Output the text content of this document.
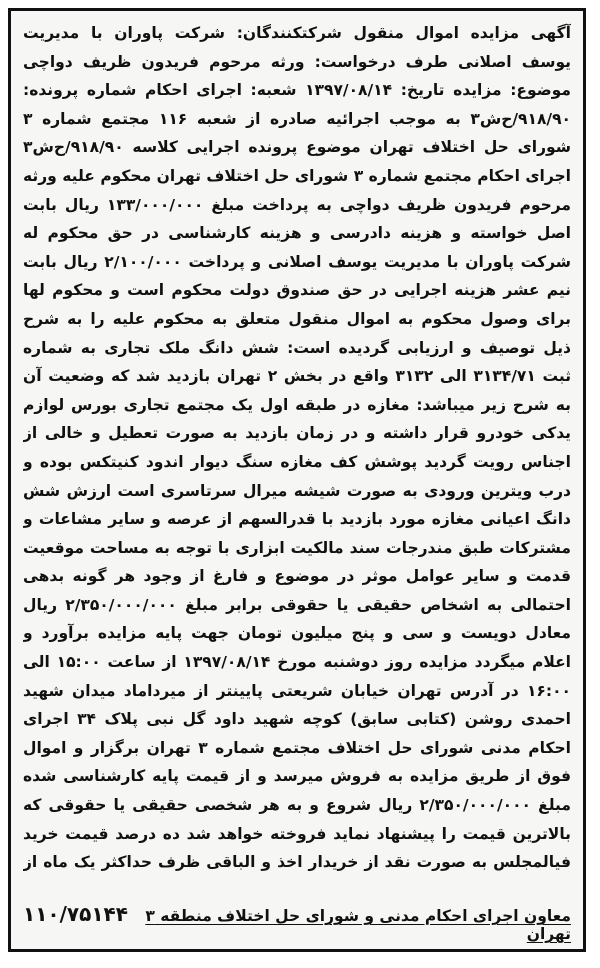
آگهی مزایده اموال منقول شرکتکنندگان: شرکت پاوران با مدیریت یوسف اصلانی طرف درخواست: ورثه مرحوم فریدون ظریف دواچی موضوع: مزایده تاریخ: ۱۳۹۷/۰۸/۱۴ شعبه: اجرای احکام شماره پرونده: ۹۱۸/۹۰/ح‌ش۳ به موجب اجرائیه صادره از شعبه ۱۱۶ مجتمع شماره ۳ شورای حل اختلاف تهران موضوع پرونده اجرایی کلاسه ۹۱۸/۹۰/ح‌ش۳ اجرای احکام مجتمع شماره ۳ شورای حل اختلاف تهران محکوم علیه ورثه مرحوم فریدون ظریف دواچی به پرداخت مبلغ ۱۳۳/۰۰۰/۰۰۰ ریال بابت اصل خواسته و هزینه دادرسی و هزینه کارشناسی در حق محکوم له شرکت پاوران با مدیریت یوسف اصلانی و پرداخت ۲/۱۰۰/۰۰۰ ریال بابت نیم عشر هزینه اجرایی در حق صندوق دولت محکوم است و محکوم لها برای وصول محکوم به اموال منقول متعلق به محکوم علیه را به شرح ذیل توصیف و ارزیابی گردیده است: شش دانگ ملک تجاری به شماره ثبت ۳۱۳۴/۷۱ الی ۳۱۳۲ واقع در بخش ۲ تهران بازدید شد که وضعیت آن به شرح زیر میباشد: مغازه در طبقه اول یک مجتمع تجاری بورس لوازم یدکی خودرو قرار داشته و در زمان بازدید به صورت تعطیل و خالی از اجناس رویت گردید پوشش کف مغازه سنگ دیوار اندود کنیتکس بوده و درب ویترین ورودی به صورت شیشه میرال سرتاسری است ارزش شش دانگ اعیانی مغازه مورد بازدید با قدرالسهم از عرصه و سایر مشاعات و مشترکات طبق مندرجات سند مالکیت ابزاری با توجه به مساحت موقعیت قدمت و سایر عوامل موثر در موضوع و فارغ از وجود هر گونه بدهی احتمالی به اشخاص حقیقی یا حقوقی برابر مبلغ ۲/۳۵۰/۰۰۰/۰۰۰ ریال معادل دویست و سی و پنج میلیون تومان جهت پایه مزایده برآورد و اعلام میگردد مزایده روز دوشنبه مورخ ۱۳۹۷/۰۸/۱۴ از ساعت ۱۵:۰۰ الی ۱۶:۰۰ در آدرس تهران خیابان شریعتی پایینتر از میرداماد میدان شهید احمدی روشن (کتابی سابق) کوچه شهید داود گل نبی پلاک ۳۴ اجرای احکام مدنی شورای حل اختلاف مجتمع شماره ۳ تهران برگزار و اموال فوق از طریق مزایده به فروش میرسد و از قیمت پایه کارشناسی شده مبلغ ۲/۳۵۰/۰۰۰/۰۰۰ ریال شروع و به هر شخصی حقیقی یا حقوقی که بالاترین قیمت را پیشنهاد نماید فروخته خواهد شد ده درصد قیمت خرید فیالمجلس به صورت نقد از خریدار اخذ و الباقی ظرف حداکثر یک ماه از

معاون اجرای احکام مدنی و شورای حل اختلاف منطقه ۳ تهران
۱۱۰/۷۵۱۴۴
